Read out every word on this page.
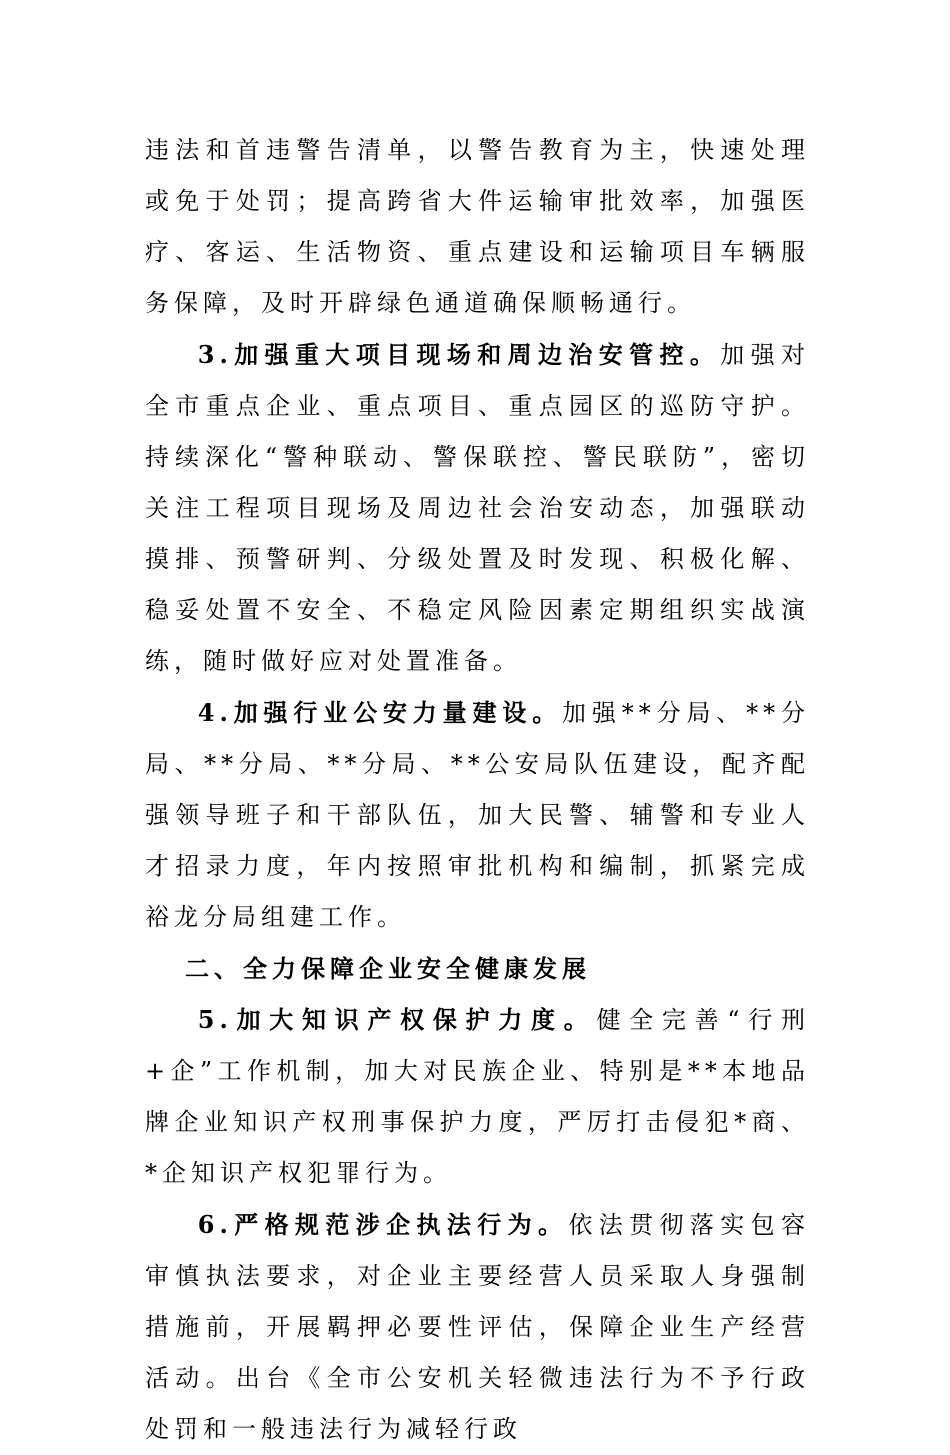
违法和首违警告清单，以警告教育为主，快速处理或免于处罚；提高跨省大件运输审批效率，加强医疗、客运、生活物资、重点建设和运输项目车辆服务保障，及时开辟绿色通道确保顺畅通行。

3.加强重大项目现场和周边治安管控。加强对全市重点企业、重点项目、重点园区的巡防守护。持续深化“警种联动、警保联控、警民联防”，密切关注工程项目现场及周边社会治安动态，加强联动摸排、预警研判、分级处置及时发现、积极化解、稳妥处置不安全、不稳定风险因素定期组织实战演练，随时做好应对处置准备。

4.加强行业公安力量建设。加强**分局、**分局、**分局、**分局、**公安局队伍建设，配齐配强领导班子和干部队伍，加大民警、辅警和专业人才招录力度，年内按照审批机构和编制，抓紧完成裕龙分局组建工作。

二、全力保障企业安全健康发展

5.加大知识产权保护力度。健全完善“行刑+企”工作机制，加大对民族企业、特别是**本地品牌企业知识产权刑事保护力度，严厉打击侵犯*商、*企知识产权犯罪行为。

6.严格规范涉企执法行为。依法贯彻落实包容审慎执法要求，对企业主要经营人员采取人身强制措施前，开展羁押必要性评估，保障企业生产经营活动。出台《全市公安机关轻微违法行为不予行政处罚和一般违法行为减轻行政
